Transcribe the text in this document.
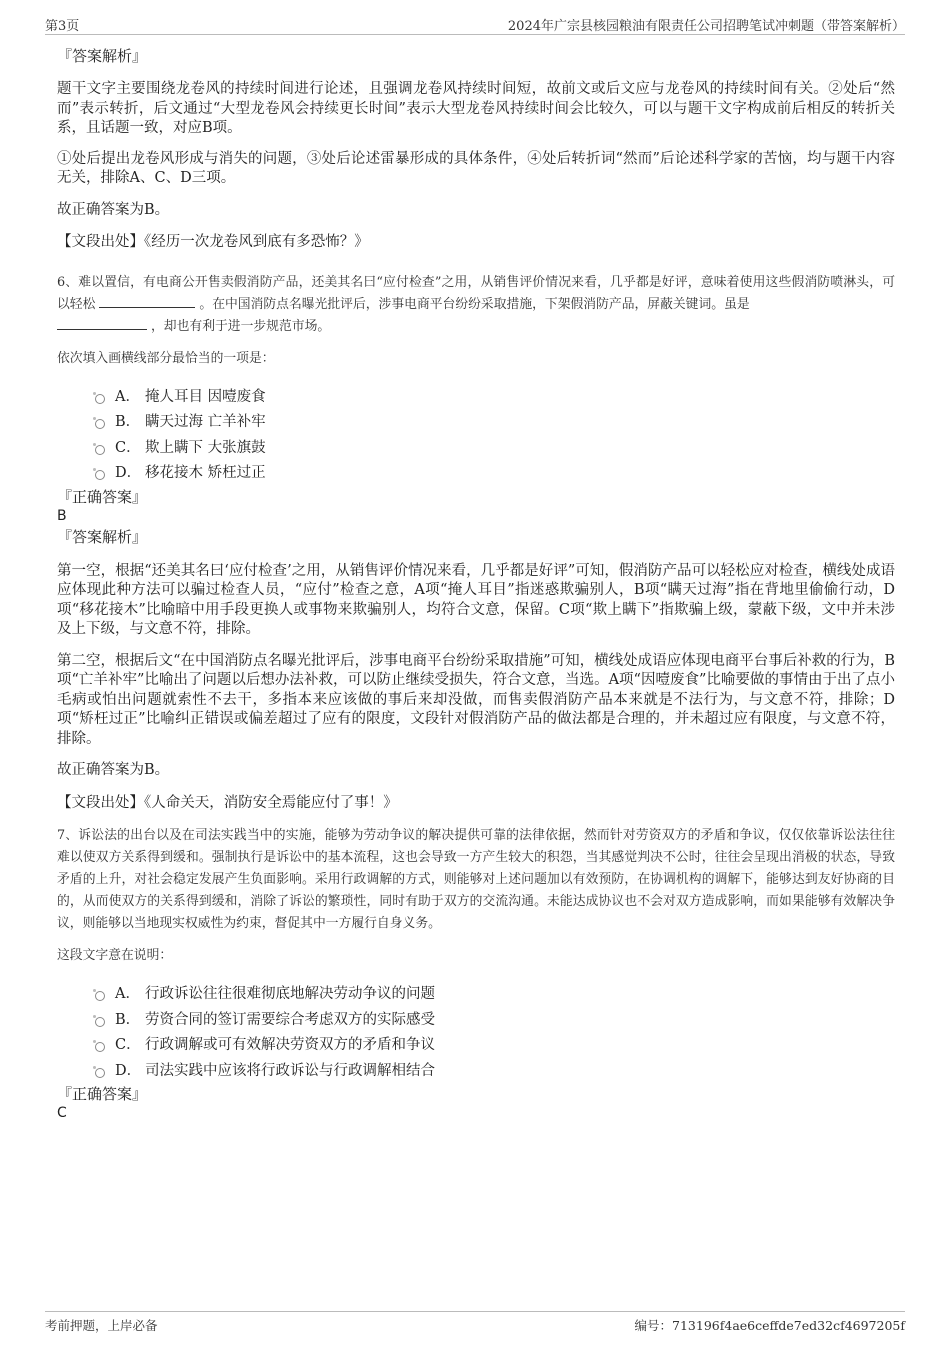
第3页	2024年广宗县核园粮油有限责任公司招聘笔试冲刺题（带答案解析）

『答案解析』

题干文字主要围绕龙卷风的持续时间进行论述，且强调龙卷风持续时间短，故前文或后文应与龙卷风的持续时间有关。②处后“然而”表示转折，后文通过“大型龙卷风会持续更长时间”表示大型龙卷风持续时间会比较久，可以与题干文字构成前后相反的转折关系，且话题一致，对应B项。

①处后提出龙卷风形成与消失的问题，③处后论述雷暴形成的具体条件，④处后转折词“然而”后论述科学家的苦恼，均与题干内容无关，排除A、C、D三项。

故正确答案为B。

【文段出处】《经历一次龙卷风到底有多恐怖？》

6、难以置信，有电商公开售卖假消防产品，还美其名曰“应付检查”之用，从销售评价情况来看，几乎都是好评，意味着使用这些假消防喷淋头，可以轻松	。在中国消防点名曝光批评后，涉事电商平台纷纷采取措施，下架假消防产品，屏蔽关键词。虽是
，却也有利于进一步规范市场。

依次填入画横线部分最恰当的一项是：

A． 掩人耳目 因噎废食
B． 瞒天过海 亡羊补牢
C． 欺上瞒下 大张旗鼓
D． 移花接木 矫枉过正

『正确答案』

B

『答案解析』

第一空，根据“还美其名曰‘应付检查’之用，从销售评价情况来看，几乎都是好评”可知，假消防产品可以轻松应对检查，横线处成语应体现此种方法可以骗过检查人员，“应付”检查之意，A项“掩人耳目”指迷惑欺骗别人，B项“瞒天过海”指在背地里偷偷行动，D项“移花接木”比喻暗中用手段更换人或事物来欺骗别人，均符合文意，保留。C项“欺上瞒下”指欺骗上级，蒙蔽下级，文中并未涉及上下级，与文意不符，排除。

第二空，根据后文“在中国消防点名曝光批评后，涉事电商平台纷纷采取措施”可知，横线处成语应体现电商平台事后补救的行为，B项“亡羊补牢”比喻出了问题以后想办法补救，可以防止继续受损失，符合文意，当选。A项“因噎废食”比喻要做的事情由于出了点小毛病或怕出问题就索性不去干，多指本来应该做的事后来却没做，而售卖假消防产品本来就是不法行为，与文意不符，排除；D项“矫枉过正”比喻纠正错误或偏差超过了应有的限度，文段针对假消防产品的做法都是合理的，并未超过应有限度，与文意不符，排除。

故正确答案为B。

【文段出处】《人命关天，消防安全焉能应付了事！》

7、诉讼法的出台以及在司法实践当中的实施，能够为劳动争议的解决提供可靠的法律依据，然而针对劳资双方的矛盾和争议，仅仅依靠诉讼法往往难以使双方关系得到缓和。强制执行是诉讼中的基本流程，这也会导致一方产生较大的积怨，当其感觉判决不公时，往往会呈现出消极的状态，导致矛盾的上升，对社会稳定发展产生负面影响。采用行政调解的方式，则能够对上述问题加以有效预防，在协调机构的调解下，能够达到友好协商的目的，从而使双方的关系得到缓和，消除了诉讼的繁琐性，同时有助于双方的交流沟通。未能达成协议也不会对双方造成影响，而如果能够有效解决争议，则能够以当地现实权威性为约束，督促其中一方履行自身义务。

这段文字意在说明：

A． 行政诉讼往往很难彻底地解决劳动争议的问题
B． 劳资合同的签订需要综合考虑双方的实际感受
C． 行政调解或可有效解决劳资双方的矛盾和争议
D． 司法实践中应该将行政诉讼与行政调解相结合

『正确答案』

C

考前押题，上岸必备	编号：713196f4ae6ceffde7ed32cf4697205f
